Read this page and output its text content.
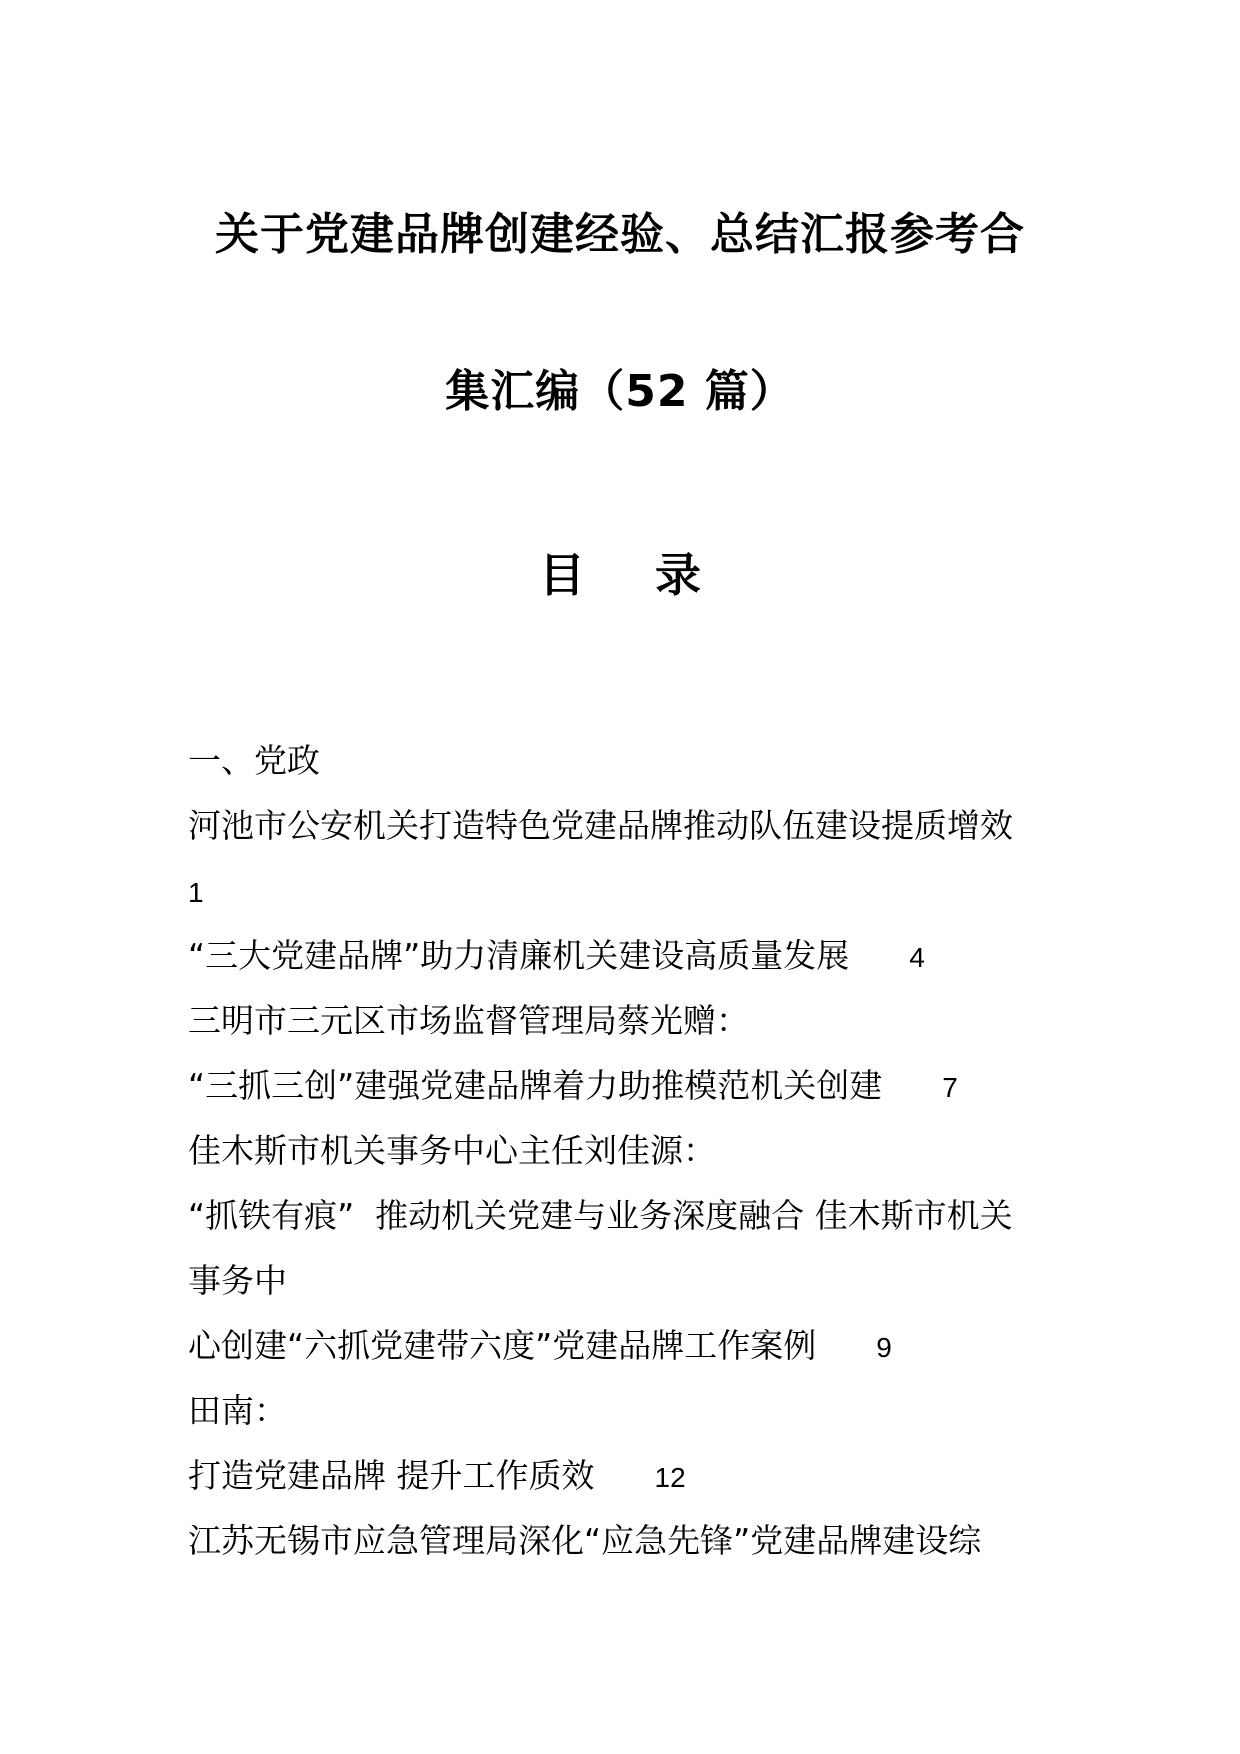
关于党建品牌创建经验、总结汇报参考合
集汇编（52 篇）
目录
一、党政
河池市公安机关打造特色党建品牌推动队伍建设提质增效
1
“三大党建品牌”助力清廉机关建设高质量发展 4
三明市三元区市场监督管理局蔡光赠：
“三抓三创”建强党建品牌着力助推模范机关创建 7
佳木斯市机关事务中心主任刘佳源：
“抓铁有痕”  推动机关党建与业务深度融合 佳木斯市机关
事务中
心创建“六抓党建带六度”党建品牌工作案例 9
田南：
打造党建品牌 提升工作质效 12
江苏无锡市应急管理局深化“应急先锋”党建品牌建设综
